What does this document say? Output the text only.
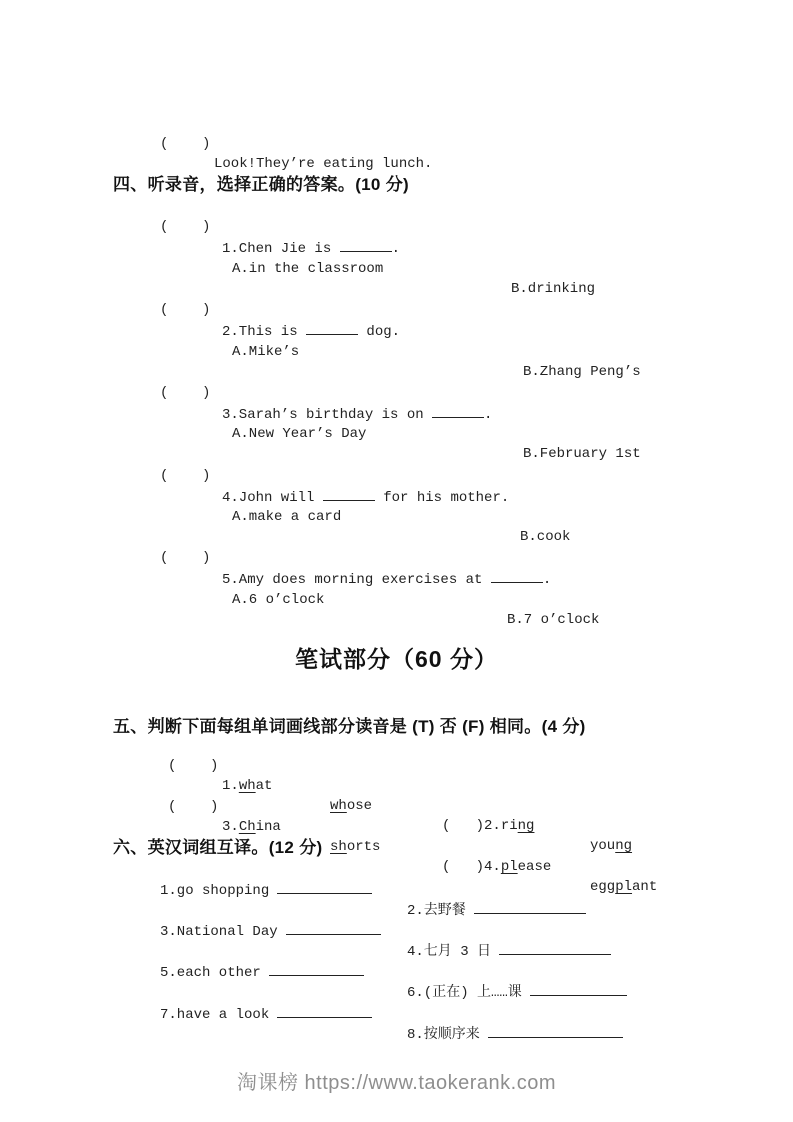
(    )

Look!They’re eating lunch.

四、听录音，选择正确的答案。(10 分)

(    )

1.Chen Jie is	.

A.in the classroom

B.drinking

(    )

2.This is	dog.

A.Mike’s

B.Zhang Peng’s

(    )

3.Sarah’s birthday is on	.

A.New Year’s Day

B.February 1st

(    )

4.John will	for his mother.

A.make a card

B.cook

(    )

5.Amy does morning exercises at	.

A.6 o’clock

B.7 o’clock

笔试部分（60 分）

五、判断下面每组单词画线部分读音是 (T) 否 (F) 相同。(4 分)

(    )

1.what

whose

(   )2.ring

young

(    )

3.China

shorts

(   )4.please

eggplant

六、英汉词组互译。(12 分)

1.go shopping

2.去野餐

3.National Day

4.七月 3 日

5.each other

6.(正在) 上……课

7.have a look

8.按顺序来

淘课榜 https://www.taokerank.com
